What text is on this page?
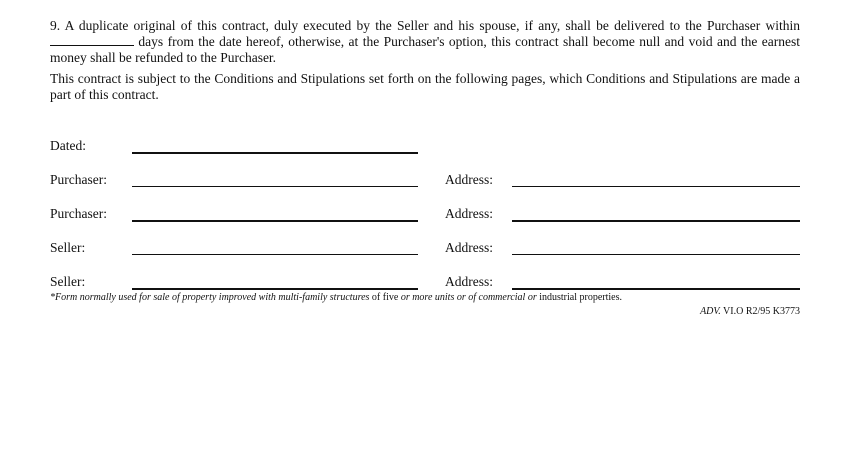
9. A duplicate original of this contract, duly executed by the Seller and his spouse, if any, shall be delivered to the Purchaser within  days from the date hereof, otherwise, at the Purchaser's option, this contract shall become null and void and the earnest money shall be refunded to the Purchaser.

This contract is subject to the Conditions and Stipulations set forth on the following pages, which Conditions and Stipulations are made a part of this contract.

Dated:
Purchaser:	Address:
Purchaser:	Address:
Seller:	Address:
Seller:	Address:
*Form normally used for sale of property improved with multi-family structures of five or more units or of commercial or industrial properties.
ADV. VI.O R2/95 K3773
